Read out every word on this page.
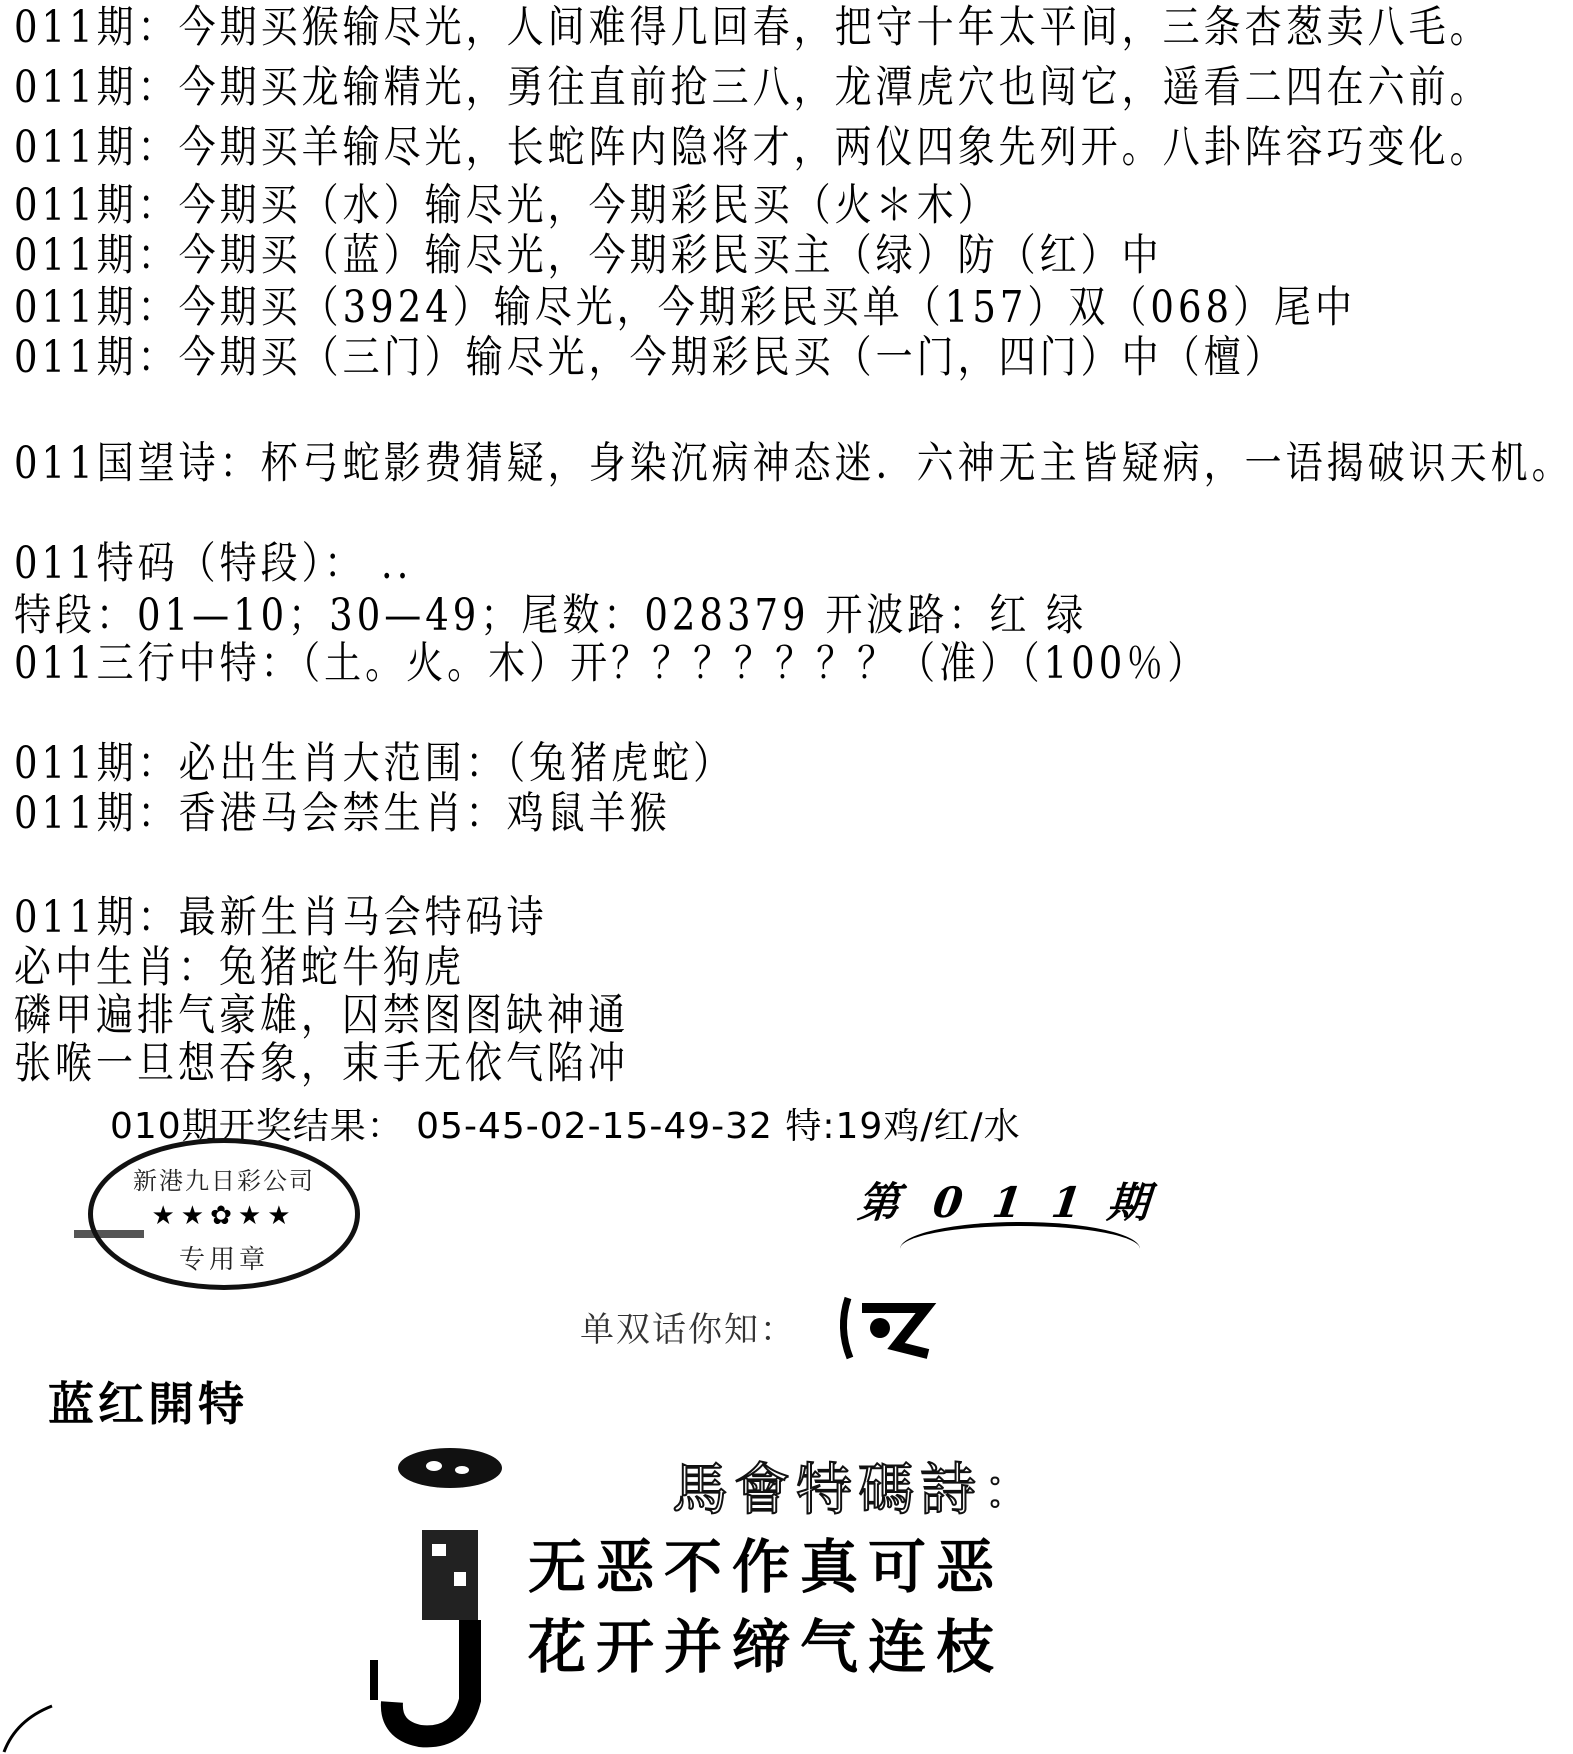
011期：今期买猴输尽光，人间难得几回春，把守十年太平间，三条杏葱卖八毛。
011期：今期买龙输精光，勇往直前抢三八，龙潭虎穴也闯它，遥看二四在六前。
011期：今期买羊输尽光，长蛇阵内隐将才，两仪四象先列开。八卦阵容巧变化。
011期：今期买（水）输尽光，今期彩民买（火＊木）
011期：今期买（蓝）输尽光，今期彩民买主（绿）防（红）中
011期：今期买（3924）输尽光，今期彩民买单（157）双（068）尾中
011期：今期买（三门）输尽光，今期彩民买（一门，四门）中（檀）
011国望诗：杯弓蛇影费猜疑，身染沉病神态迷．六神无主皆疑病，一语揭破识天机。
011特码（特段）： ..
特段：01—10；30—49；尾数：028379 开波路：红 绿
011三行中特：（土。火。木）开？？？？？？？（准）（100％）
011期：必出生肖大范围：（兔猪虎蛇）
011期：香港马会禁生肖：鸡鼠羊猴
011期：最新生肖马会特码诗
必中生肖：兔猪蛇牛狗虎
磷甲遍排气豪雄，囚禁图图缺神通
张喉一旦想吞象，束手无依气陷冲
010期开奖结果： 05-45-02-15-49-32 特:19鸡/红/水
新港九日彩公司
★★✿★★
专用章
第011期
单双话你知：
蓝红開特
馬會特碼詩：
无恶不作真可恶
花开并缔气连枝
